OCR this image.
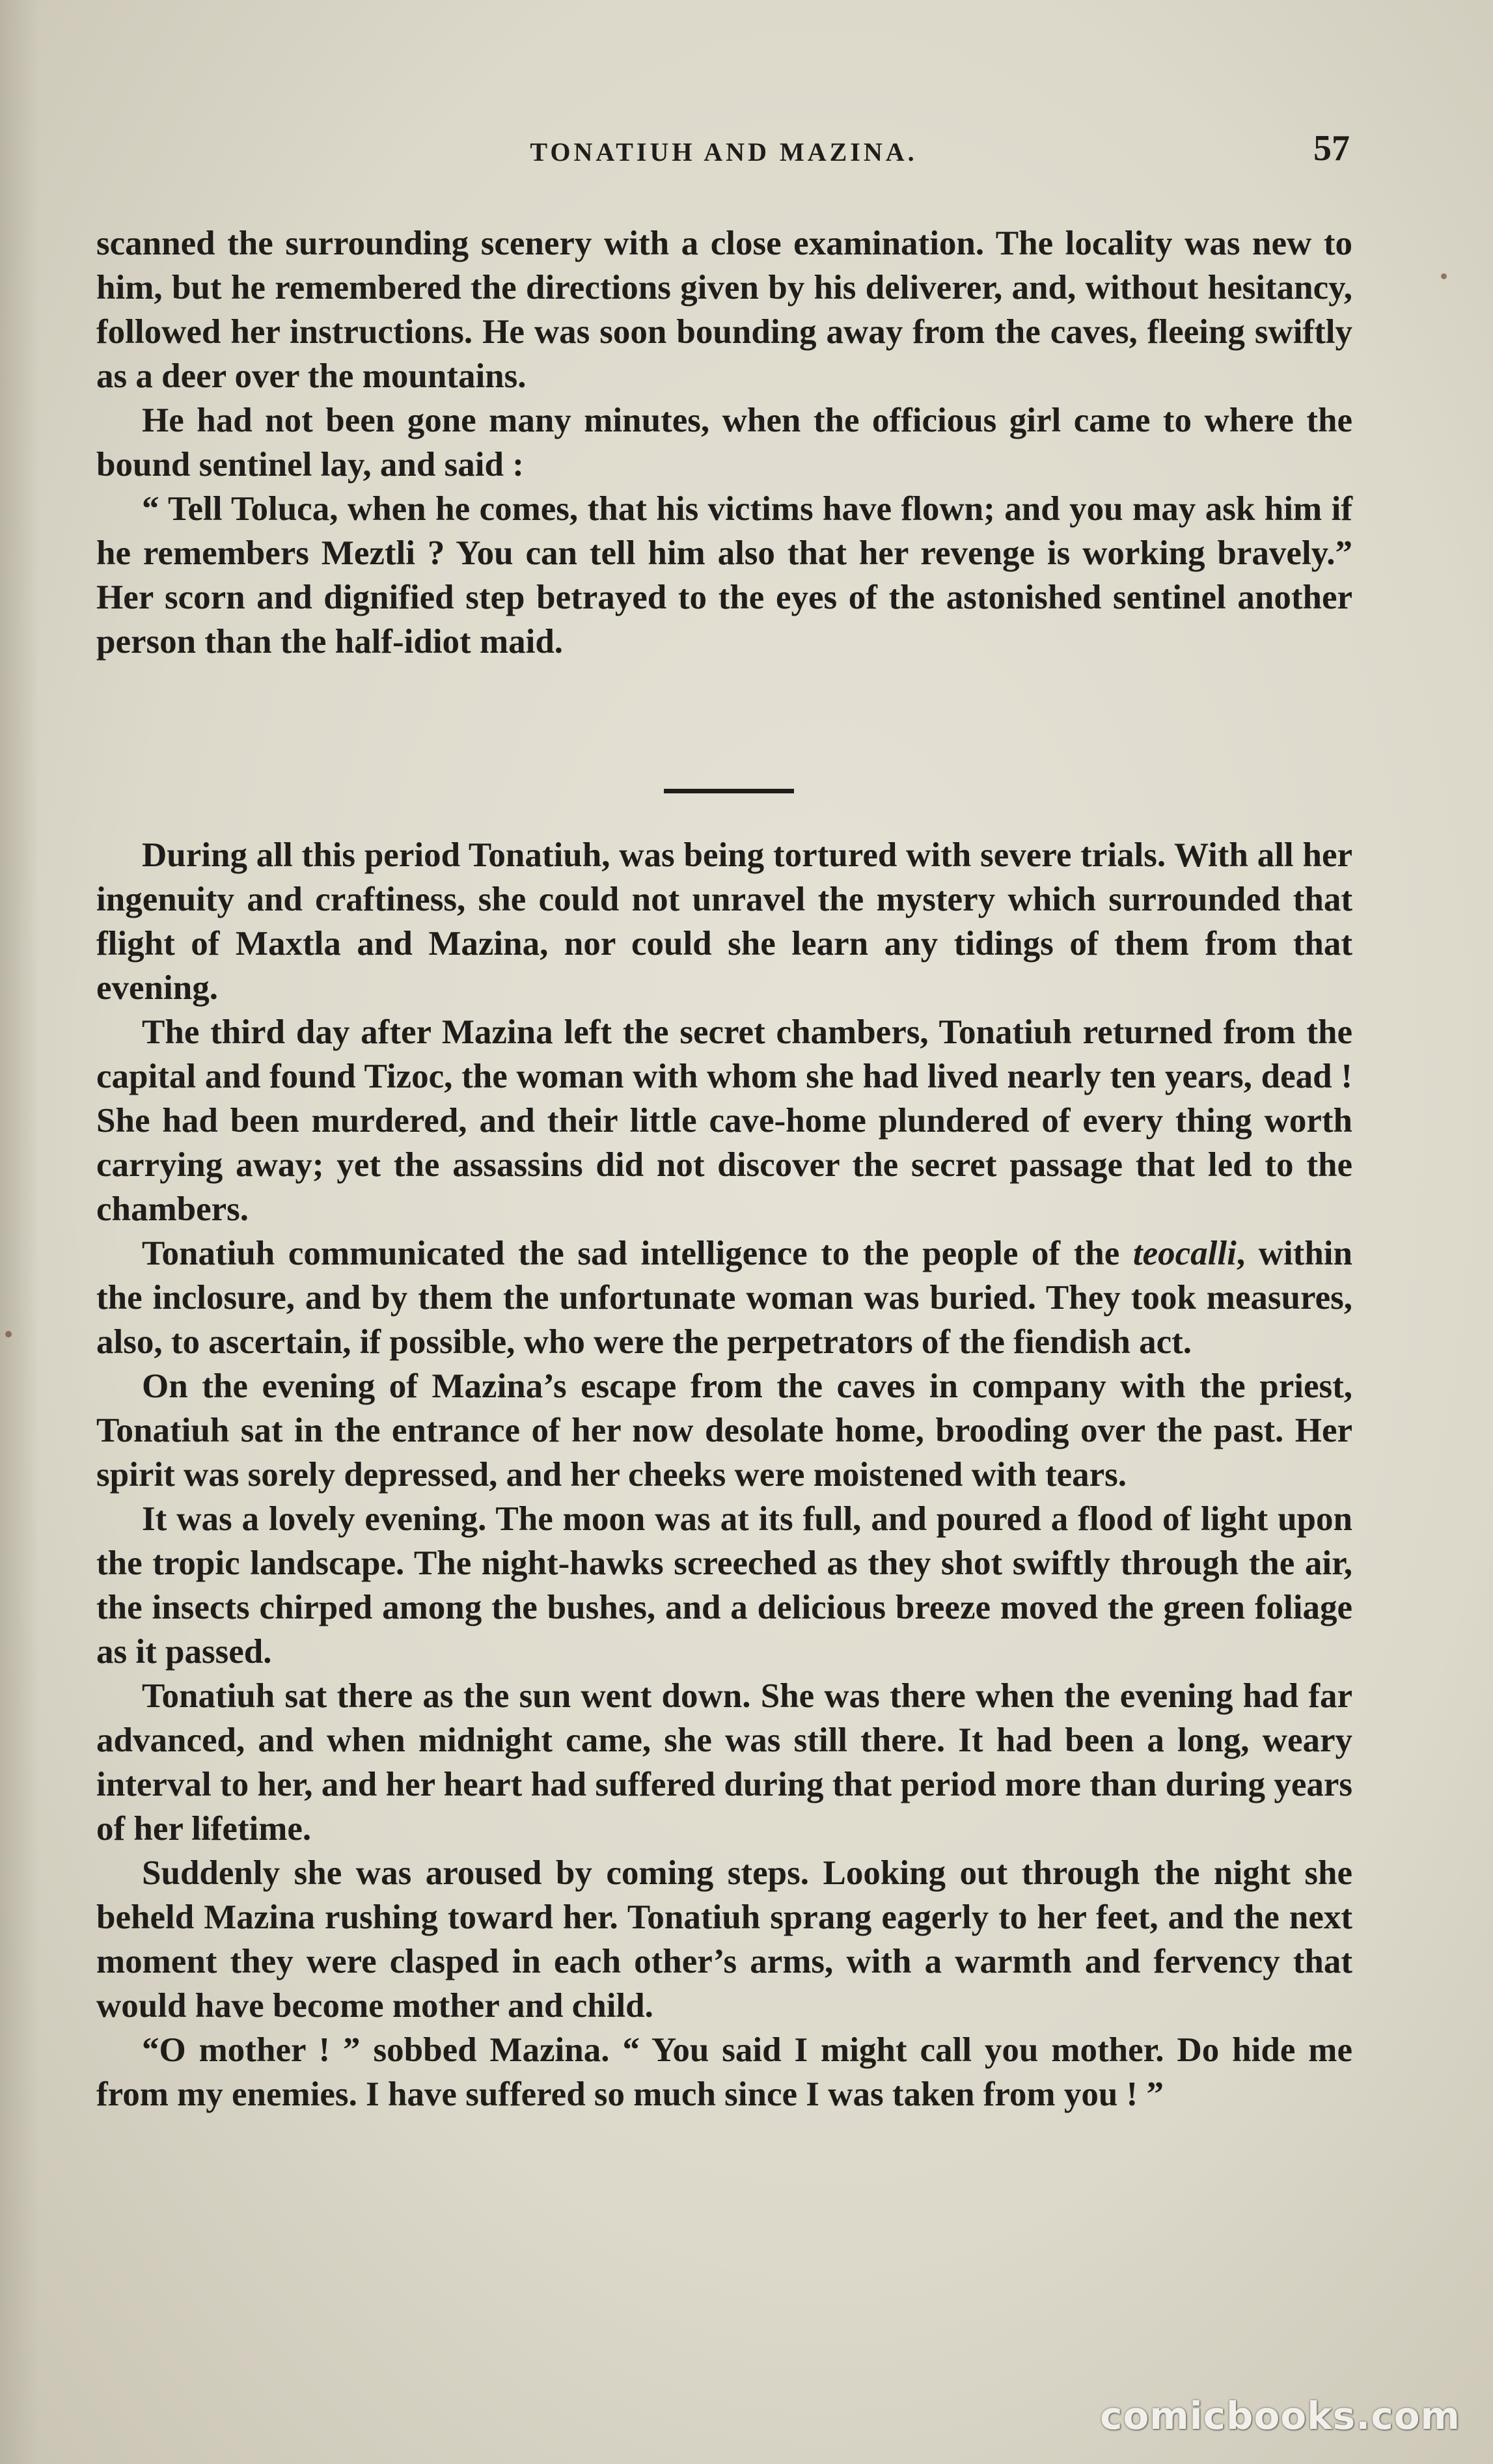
TONATIUH AND MAZINA.	57

scanned the surrounding scenery with a close examination. The locality was new to him, but he remembered the directions given by his deliverer, and, without hesitancy, followed her instructions. He was soon bounding away from the caves, fleeing swiftly as a deer over the mountains.

He had not been gone many minutes, when the officious girl came to where the bound sentinel lay, and said :

“ Tell Toluca, when he comes, that his victims have flown; and you may ask him if he remembers Meztli ? You can tell him also that her revenge is working bravely.” Her scorn and dignified step betrayed to the eyes of the astonished sentinel another person than the half-idiot maid.

During all this period Tonatiuh, was being tortured with severe trials. With all her ingenuity and craftiness, she could not unravel the mystery which surrounded that flight of Maxtla and Mazina, nor could she learn any tidings of them from that evening.

The third day after Mazina left the secret chambers, Tonatiuh returned from the capital and found Tizoc, the woman with whom she had lived nearly ten years, dead ! She had been murdered, and their little cave-home plundered of every thing worth carrying away; yet the assassins did not discover the secret passage that led to the chambers.

Tonatiuh communicated the sad intelligence to the people of the teocalli, within the inclosure, and by them the unfortunate woman was buried. They took measures, also, to ascertain, if possible, who were the perpetrators of the fiendish act.

On the evening of Mazina’s escape from the caves in company with the priest, Tonatiuh sat in the entrance of her now desolate home, brooding over the past. Her spirit was sorely depressed, and her cheeks were moistened with tears.

It was a lovely evening. The moon was at its full, and poured a flood of light upon the tropic landscape. The night-hawks screeched as they shot swiftly through the air, the insects chirped among the bushes, and a delicious breeze moved the green foliage as it passed.

Tonatiuh sat there as the sun went down. She was there when the evening had far advanced, and when midnight came, she was still there. It had been a long, weary interval to her, and her heart had suffered during that period more than during years of her lifetime.

Suddenly she was aroused by coming steps. Looking out through the night she beheld Mazina rushing toward her. Tonatiuh sprang eagerly to her feet, and the next moment they were clasped in each other’s arms, with a warmth and fervency that would have become mother and child.

“O mother ! ” sobbed Mazina. “ You said I might call you mother. Do hide me from my enemies. I have suffered so much since I was taken from you ! ”

comicbooks.com
